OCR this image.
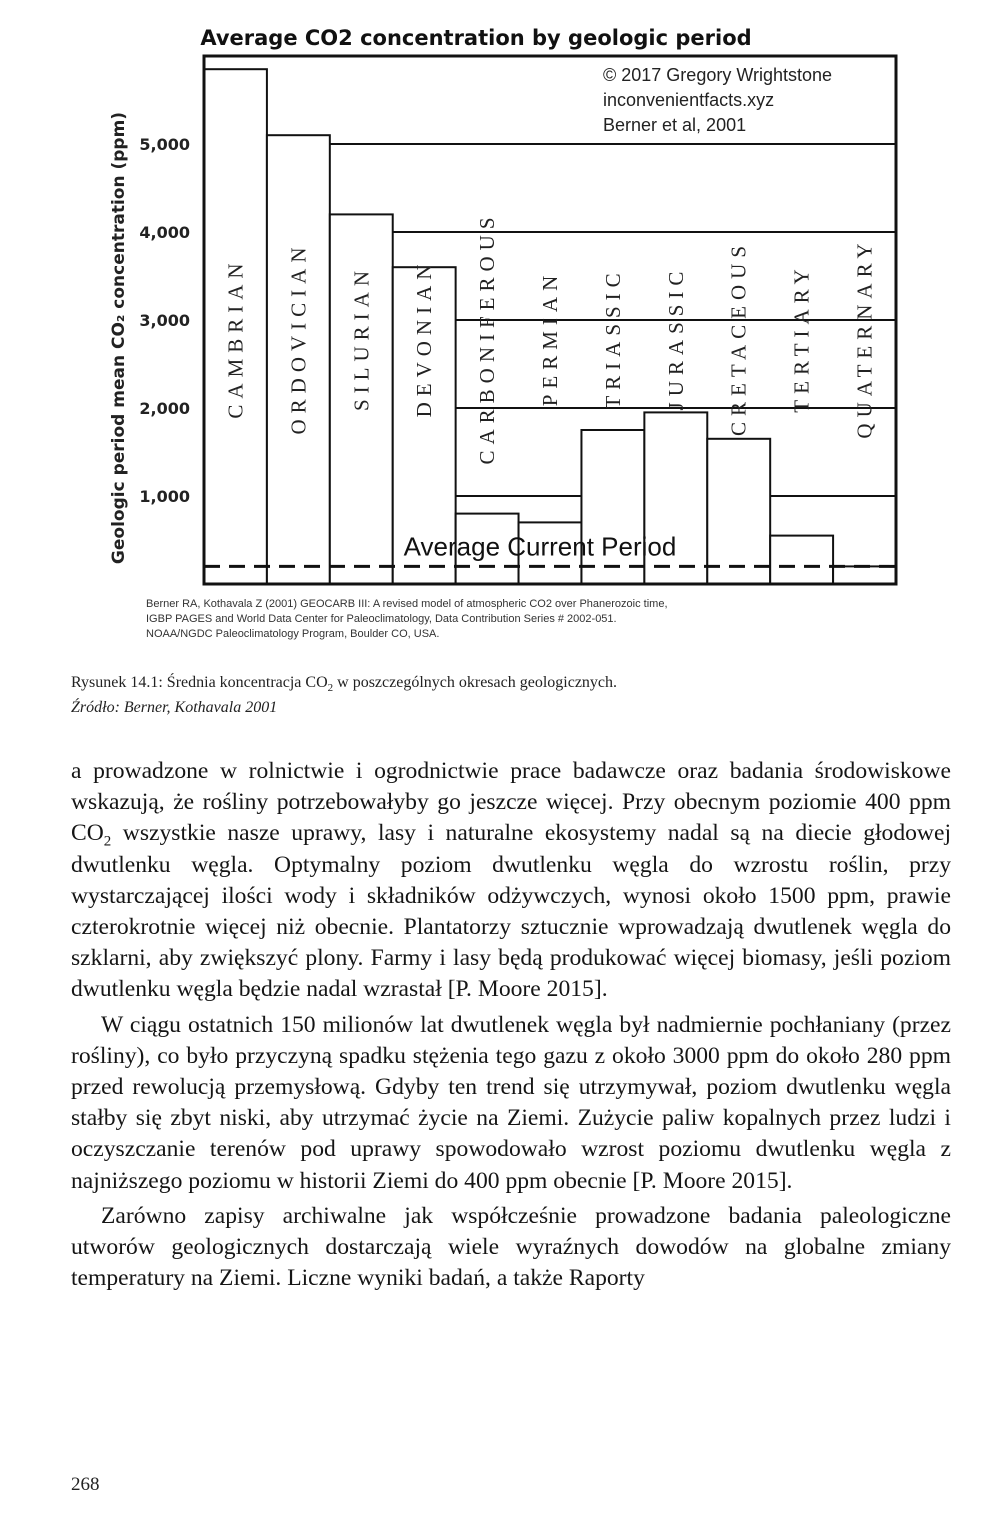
Average CO2 concentration by geologic period
Geologic period mean CO₂ concentration (ppm)	CAMBRIAN ORDOVICIAN SILURIAN DEVONIAN CARBONIFEROUS PERMIAN TRIASSIC JURASSIC CRETACEOUS TERTIARY QUATERNARY
1,000
2,000
3,000
4,000
5,000
© 2017 Gregory Wrightstone
inconvenientfacts.xyz
Berner et al, 2001
Average Current Period
Berner RA, Kothavala Z (2001) GEOCARB III: A revised model of atmospheric CO2 over Phanerozoic time,
IGBP PAGES and World Data Center for Paleoclimatology, Data Contribution Series # 2002-051.
NOAA/NGDC Paleoclimatology Program, Boulder CO, USA.
Rysunek 14.1: Średnia koncentracja $CO_2$ w poszczególnych okresach geologicznych.
Źródło: Berner, Kothavala 2001

a prowadzone w rolnictwie i ogrodnictwie prace badawcze oraz badania środowiskowe wskazują, że rośliny potrzebowałyby go jeszcze więcej. Przy obecnym poziomie 400 ppm $CO_2$ wszystkie nasze uprawy, lasy i naturalne ekosystemy nadal są na diecie głodowej dwutlenku węgla. Optymalny poziom dwutlenku węgla do wzrostu roślin, przy wystarczającej ilości wody i składników odżywczych, wynosi około 1500 ppm, prawie czterokrotnie więcej niż obecnie. Plantatorzy sztucznie wprowadzają dwutlenek węgla do szklarni, aby zwiększyć plony. Farmy i lasy będą produkować więcej biomasy, jeśli poziom dwutlenku węgla będzie nadal wzrastał [P. Moore 2015].

W ciągu ostatnich 150 milionów lat dwutlenek węgla był nadmiernie pochłaniany (przez rośliny), co było przyczyną spadku stężenia tego gazu z około 3000 ppm do około 280 ppm przed rewolucją przemysłową. Gdyby ten trend się utrzymywał, poziom dwutlenku węgla stałby się zbyt niski, aby utrzymać życie na Ziemi. Zużycie paliw kopalnych przez ludzi i oczyszczanie terenów pod uprawy spowodowało wzrost poziomu dwutlenku węgla z najniższego poziomu w historii Ziemi do 400 ppm obecnie [P. Moore 2015].

Zarówno zapisy archiwalne jak współcześnie prowadzone badania paleologiczne utworów geologicznych dostarczają wiele wyraźnych dowodów na globalne zmiany temperatury na Ziemi. Liczne wyniki badań, a także Raporty

268
